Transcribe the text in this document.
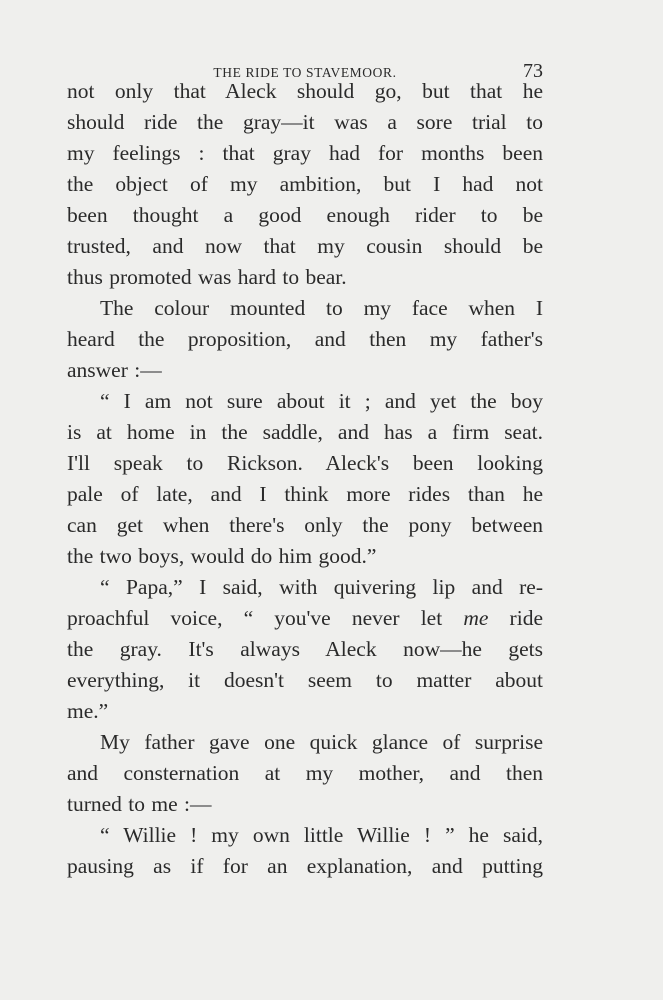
THE RIDE TO STAVEMOOR.	73
not only that Aleck should go, but that he
should ride the gray—it was a sore trial to
my feelings : that gray had for months been
the object of my ambition, but I had not
been thought a good enough rider to be
trusted, and now that my cousin should be
thus promoted was hard to bear.
The colour mounted to my face when I
heard the proposition, and then my father's
answer :—
“ I am not sure about it ; and yet the boy
is at home in the saddle, and has a firm seat.
I'll speak to Rickson. Aleck's been looking
pale of late, and I think more rides than he
can get when there's only the pony between
the two boys, would do him good.”
“ Papa,” I said, with quivering lip and re-
proachful voice, “ you've never let me ride
the gray. It's always Aleck now—he gets
everything, it doesn't seem to matter about
me.”
My father gave one quick glance of surprise
and consternation at my mother, and then
turned to me :—
“ Willie ! my own little Willie ! ” he said,
pausing as if for an explanation, and putting
